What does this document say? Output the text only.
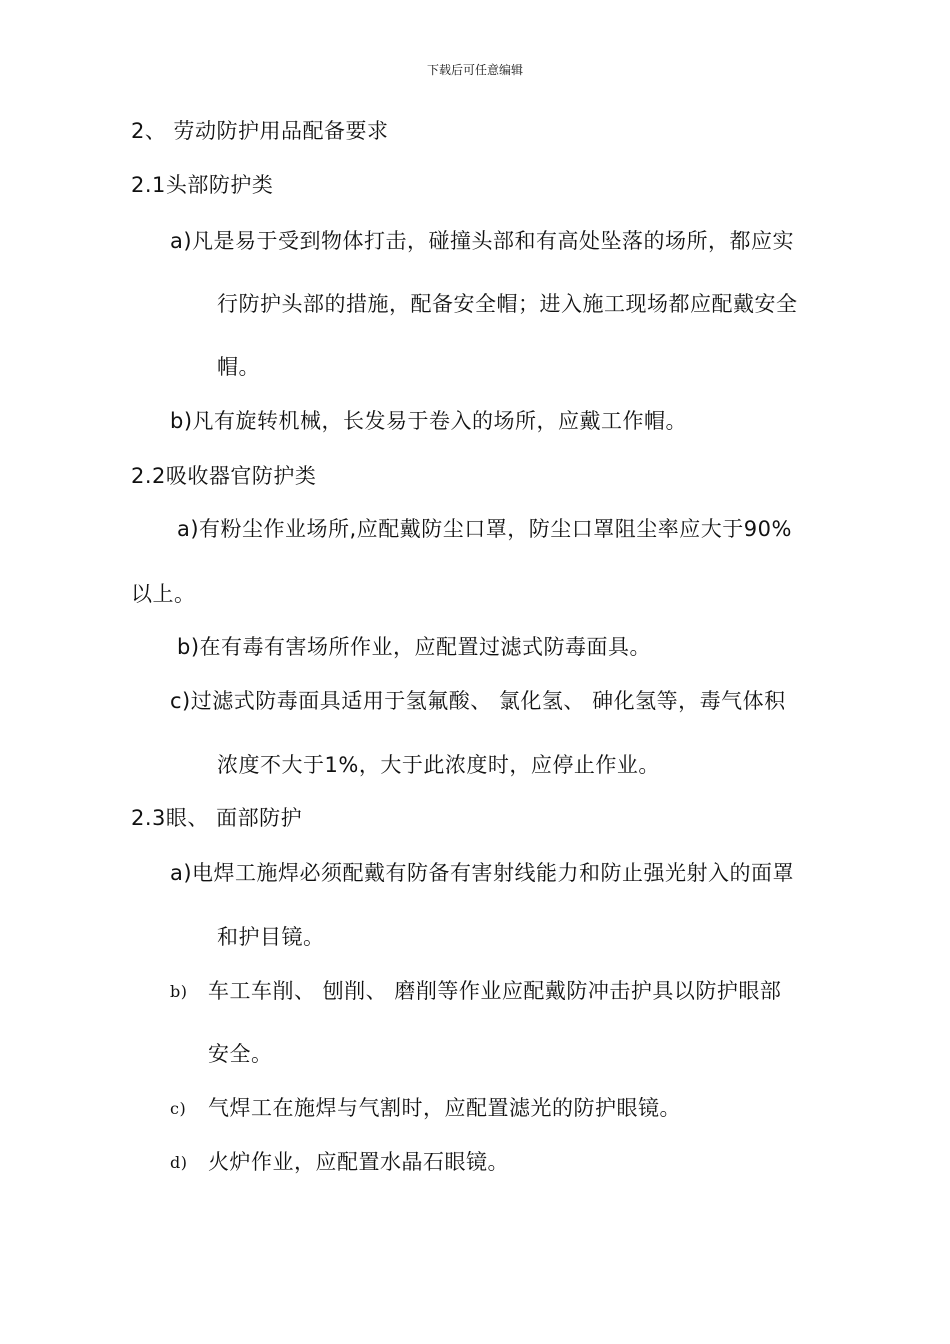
下载后可任意编辑
2、 劳动防护用品配备要求
2.1头部防护类
a)凡是易于受到物体打击，碰撞头部和有高处坠落的场所，都应实
行防护头部的措施，配备安全帽；进入施工现场都应配戴安全
帽。
b)凡有旋转机械，长发易于卷入的场所，应戴工作帽。
2.2吸收器官防护类
a)有粉尘作业场所,应配戴防尘口罩，防尘口罩阻尘率应大于90%
以上。
b)在有毒有害场所作业，应配置过滤式防毒面具。
c)过滤式防毒面具适用于氢氟酸、 氯化氢、 砷化氢等，毒气体积
浓度不大于1%，大于此浓度时，应停止作业。
2.3眼、 面部防护
a)电焊工施焊必须配戴有防备有害射线能力和防止强光射入的面罩
和护目镜。
b) 车工车削、 刨削、 磨削等作业应配戴防冲击护具以防护眼部
安全。
c) 气焊工在施焊与气割时，应配置滤光的防护眼镜。
d) 火炉作业，应配置水晶石眼镜。
